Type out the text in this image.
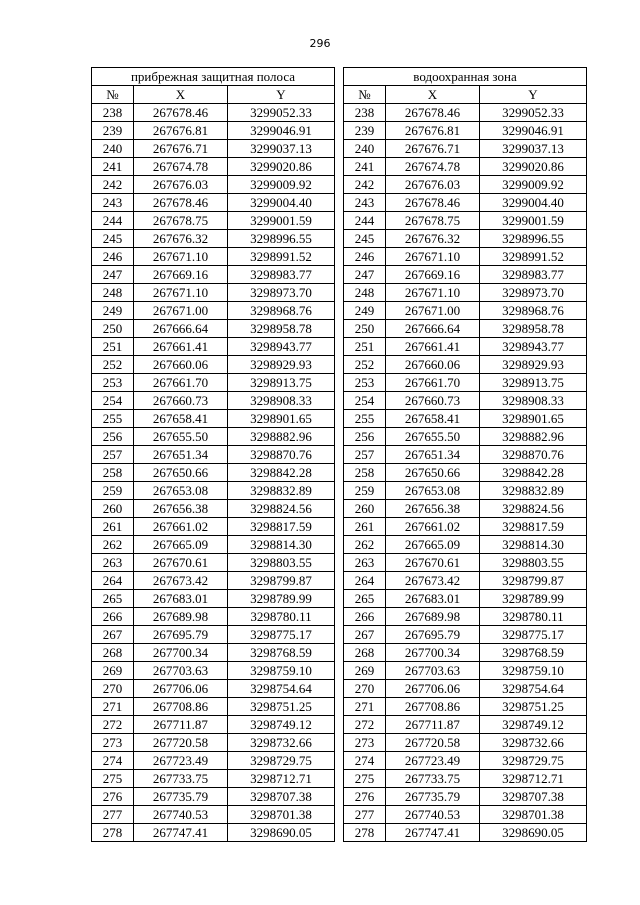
296
прибрежная защитная полоса		
№	X	Y
238	267678.46	3299052.33
239	267676.81	3299046.91
240	267676.71	3299037.13
241	267674.78	3299020.86
242	267676.03	3299009.92
243	267678.46	3299004.40
244	267678.75	3299001.59
245	267676.32	3298996.55
246	267671.10	3298991.52
247	267669.16	3298983.77
248	267671.10	3298973.70
249	267671.00	3298968.76
250	267666.64	3298958.78
251	267661.41	3298943.77
252	267660.06	3298929.93
253	267661.70	3298913.75
254	267660.73	3298908.33
255	267658.41	3298901.65
256	267655.50	3298882.96
257	267651.34	3298870.76
258	267650.66	3298842.28
259	267653.08	3298832.89
260	267656.38	3298824.56
261	267661.02	3298817.59
262	267665.09	3298814.30
263	267670.61	3298803.55
264	267673.42	3298799.87
265	267683.01	3298789.99
266	267689.98	3298780.11
267	267695.79	3298775.17
268	267700.34	3298768.59
269	267703.63	3298759.10
270	267706.06	3298754.64
271	267708.86	3298751.25
272	267711.87	3298749.12
273	267720.58	3298732.66
274	267723.49	3298729.75
275	267733.75	3298712.71
276	267735.79	3298707.38
277	267740.53	3298701.38
278	267747.41	3298690.05
водоохранная зона		
№	X	Y
238	267678.46	3299052.33
239	267676.81	3299046.91
240	267676.71	3299037.13
241	267674.78	3299020.86
242	267676.03	3299009.92
243	267678.46	3299004.40
244	267678.75	3299001.59
245	267676.32	3298996.55
246	267671.10	3298991.52
247	267669.16	3298983.77
248	267671.10	3298973.70
249	267671.00	3298968.76
250	267666.64	3298958.78
251	267661.41	3298943.77
252	267660.06	3298929.93
253	267661.70	3298913.75
254	267660.73	3298908.33
255	267658.41	3298901.65
256	267655.50	3298882.96
257	267651.34	3298870.76
258	267650.66	3298842.28
259	267653.08	3298832.89
260	267656.38	3298824.56
261	267661.02	3298817.59
262	267665.09	3298814.30
263	267670.61	3298803.55
264	267673.42	3298799.87
265	267683.01	3298789.99
266	267689.98	3298780.11
267	267695.79	3298775.17
268	267700.34	3298768.59
269	267703.63	3298759.10
270	267706.06	3298754.64
271	267708.86	3298751.25
272	267711.87	3298749.12
273	267720.58	3298732.66
274	267723.49	3298729.75
275	267733.75	3298712.71
276	267735.79	3298707.38
277	267740.53	3298701.38
278	267747.41	3298690.05
